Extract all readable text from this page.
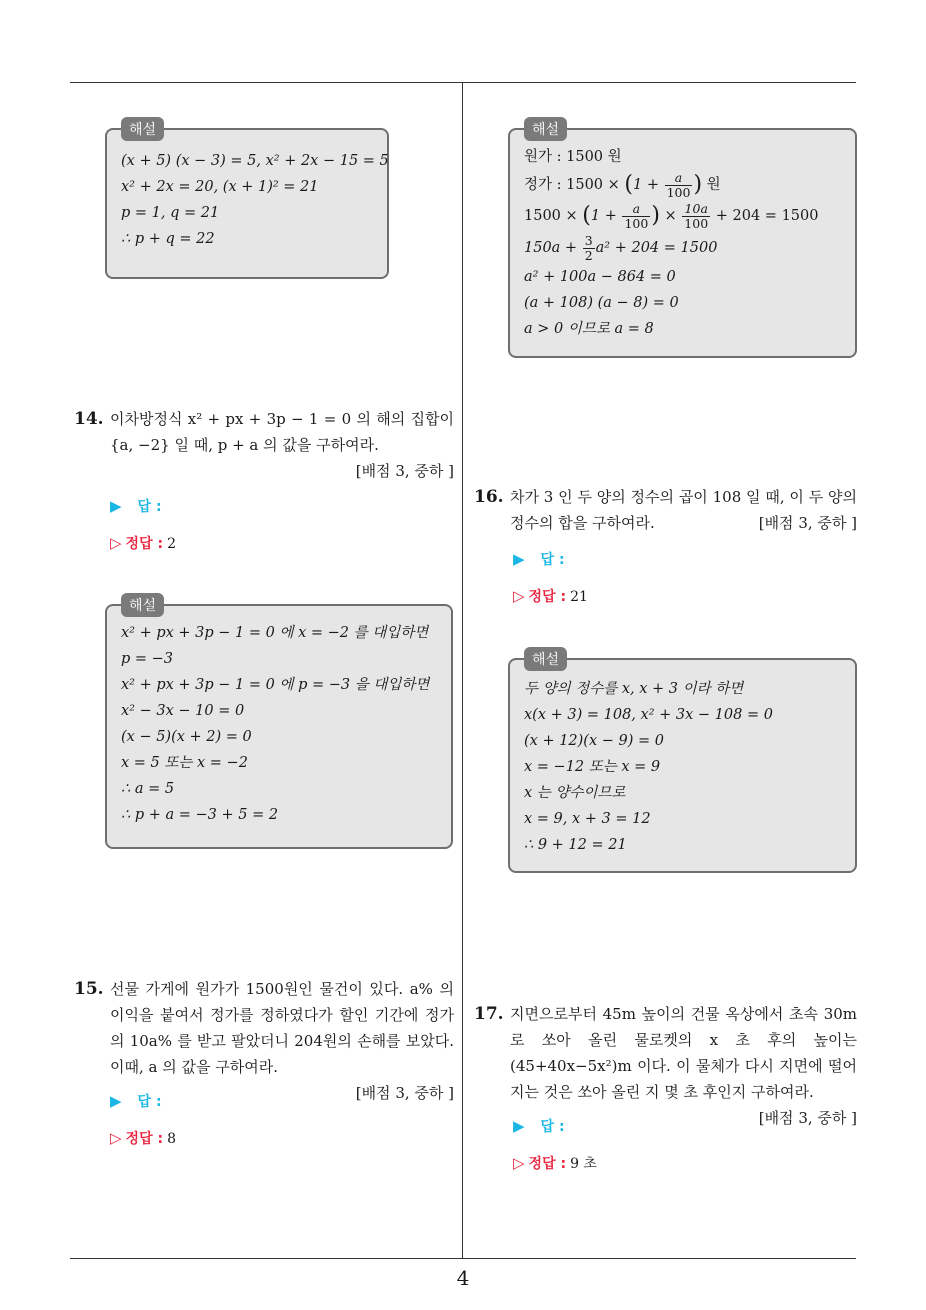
4
해설
(x + 5) (x − 3) = 5, x² + 2x − 15 = 5
x² + 2x = 20, (x + 1)² = 21
p = 1, q = 21
∴ p + q = 22
14. 이차방정식 x² + px + 3p − 1 = 0 의 해의 집합이 {a, −2} 일 때, p + a 의 값을 구하여라.
[배점 3, 중하 ]
▶ 답 :
▷ 정답 : 2
해설
x² + px + 3p − 1 = 0 에 x = −2 를 대입하면
p = −3
x² + px + 3p − 1 = 0 에 p = −3 을 대입하면
x² − 3x − 10 = 0
(x − 5)(x + 2) = 0
x = 5 또는 x = −2
∴ a = 5
∴ p + a = −3 + 5 = 2
15. 선물 가게에 원가가 1500원인 물건이 있다. a% 의 이익을 붙여서 정가를 정하였다가 할인 기간에 정가의 10a% 를 받고 팔았더니 204원의 손해를 보았다. 이때, a 의 값을 구하여라.
[배점 3, 중하 ]
▶ 답 :
▷ 정답 : 8
해설
원가 : 1500 원
정가 : $1500 \times (1 + \frac{a}{100}$ ) 원
$1500 \times (1 + \frac{a}{100}$ ) × $\frac{10a}{100} + 204 = 1500$
$150a + \frac{3}{2} a^2 + 204 = 1500$
a² + 100a − 864 = 0
(a + 108) (a − 8) = 0
a > 0 이므로 a = 8
16. 차가 3 인 두 양의 정수의 곱이 108 일 때, 이 두 양의 정수의 합을 구하여라.	[배점 3, 중하 ]
▶ 답 :
▷ 정답 : 21
해설
두 양의 정수를 x, x + 3 이라 하면
x(x + 3) = 108, x² + 3x − 108 = 0
(x + 12)(x − 9) = 0
x = −12 또는 x = 9
x 는 양수이므로
x = 9, x + 3 = 12
∴ 9 + 12 = 21
17. 지면으로부터 45m 높이의 건물 옥상에서 초속 30m 로 쏘아 올린 물로켓의 x 초 후의 높이는 (45+40x−5x²)m 이다. 이 물체가 다시 지면에 떨어지는 것은 쏘아 올린 지 몇 초 후인지 구하여라.
[배점 3, 중하 ]
▶ 답 :
▷ 정답 : 9 초
